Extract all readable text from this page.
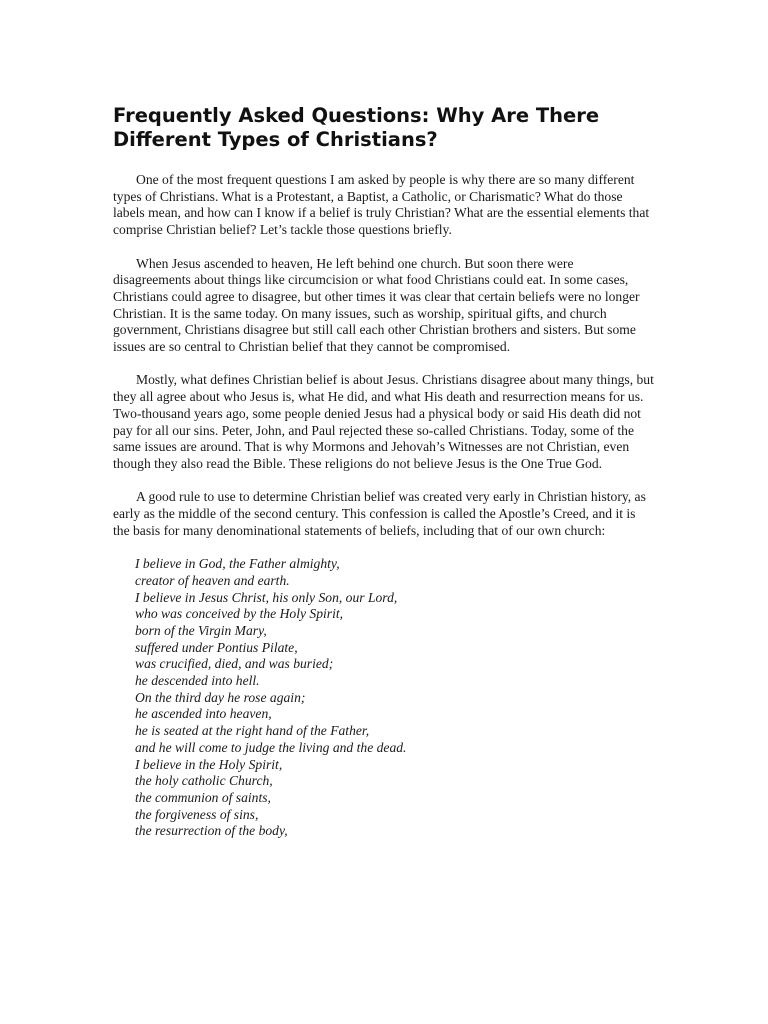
Frequently Asked Questions: Why Are There Different Types of Christians?

One of the most frequent questions I am asked by people is why there are so many different types of Christians. What is a Protestant, a Baptist, a Catholic, or Charismatic? What do those labels mean, and how can I know if a belief is truly Christian? What are the essential elements that comprise Christian belief? Let’s tackle those questions briefly.

When Jesus ascended to heaven, He left behind one church. But soon there were disagreements about things like circumcision or what food Christians could eat. In some cases, Christians could agree to disagree, but other times it was clear that certain beliefs were no longer Christian. It is the same today. On many issues, such as worship, spiritual gifts, and church government, Christians disagree but still call each other Christian brothers and sisters. But some issues are so central to Christian belief that they cannot be compromised.

Mostly, what defines Christian belief is about Jesus. Christians disagree about many things, but they all agree about who Jesus is, what He did, and what His death and resurrection means for us. Two-thousand years ago, some people denied Jesus had a physical body or said His death did not pay for all our sins. Peter, John, and Paul rejected these so-called Christians. Today, some of the same issues are around. That is why Mormons and Jehovah’s Witnesses are not Christian, even though they also read the Bible. These religions do not believe Jesus is the One True God.

A good rule to use to determine Christian belief was created very early in Christian history, as early as the middle of the second century. This confession is called the Apostle’s Creed, and it is the basis for many denominational statements of beliefs, including that of our own church:

I believe in God, the Father almighty,
creator of heaven and earth.
I believe in Jesus Christ, his only Son, our Lord,
who was conceived by the Holy Spirit,
born of the Virgin Mary,
suffered under Pontius Pilate,
was crucified, died, and was buried;
he descended into hell.
On the third day he rose again;
he ascended into heaven,
he is seated at the right hand of the Father,
and he will come to judge the living and the dead.
I believe in the Holy Spirit,
the holy catholic Church,
the communion of saints,
the forgiveness of sins,
the resurrection of the body,
